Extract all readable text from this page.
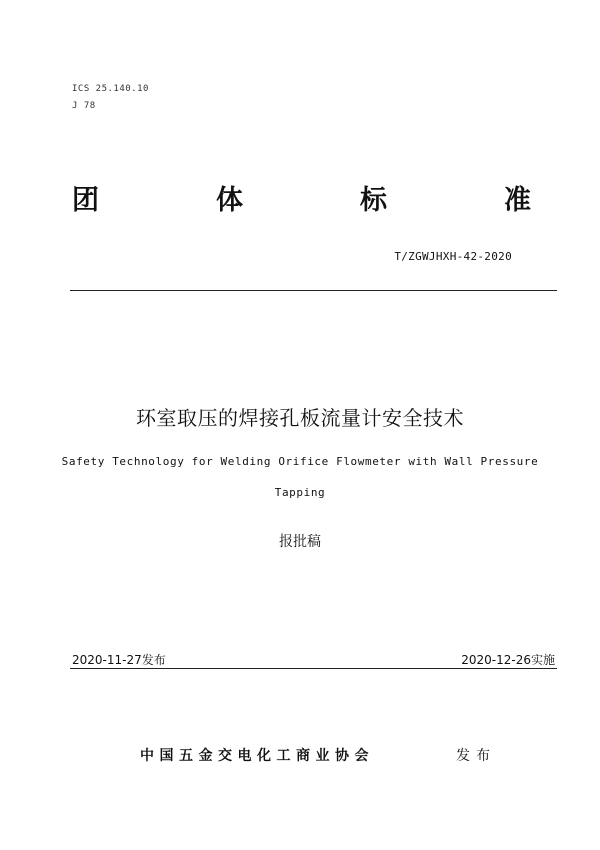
ICS 25.140.10
J 78
团	体	标	准
T/ZGWJHXH-42-2020
环室取压的焊接孔板流量计安全技术
Safety Technology for Welding Orifice Flowmeter with Wall Pressure
Tapping
报批稿
2020-11-27发布	2020-12-26实施
中国五金交电化工商业协会	发布
